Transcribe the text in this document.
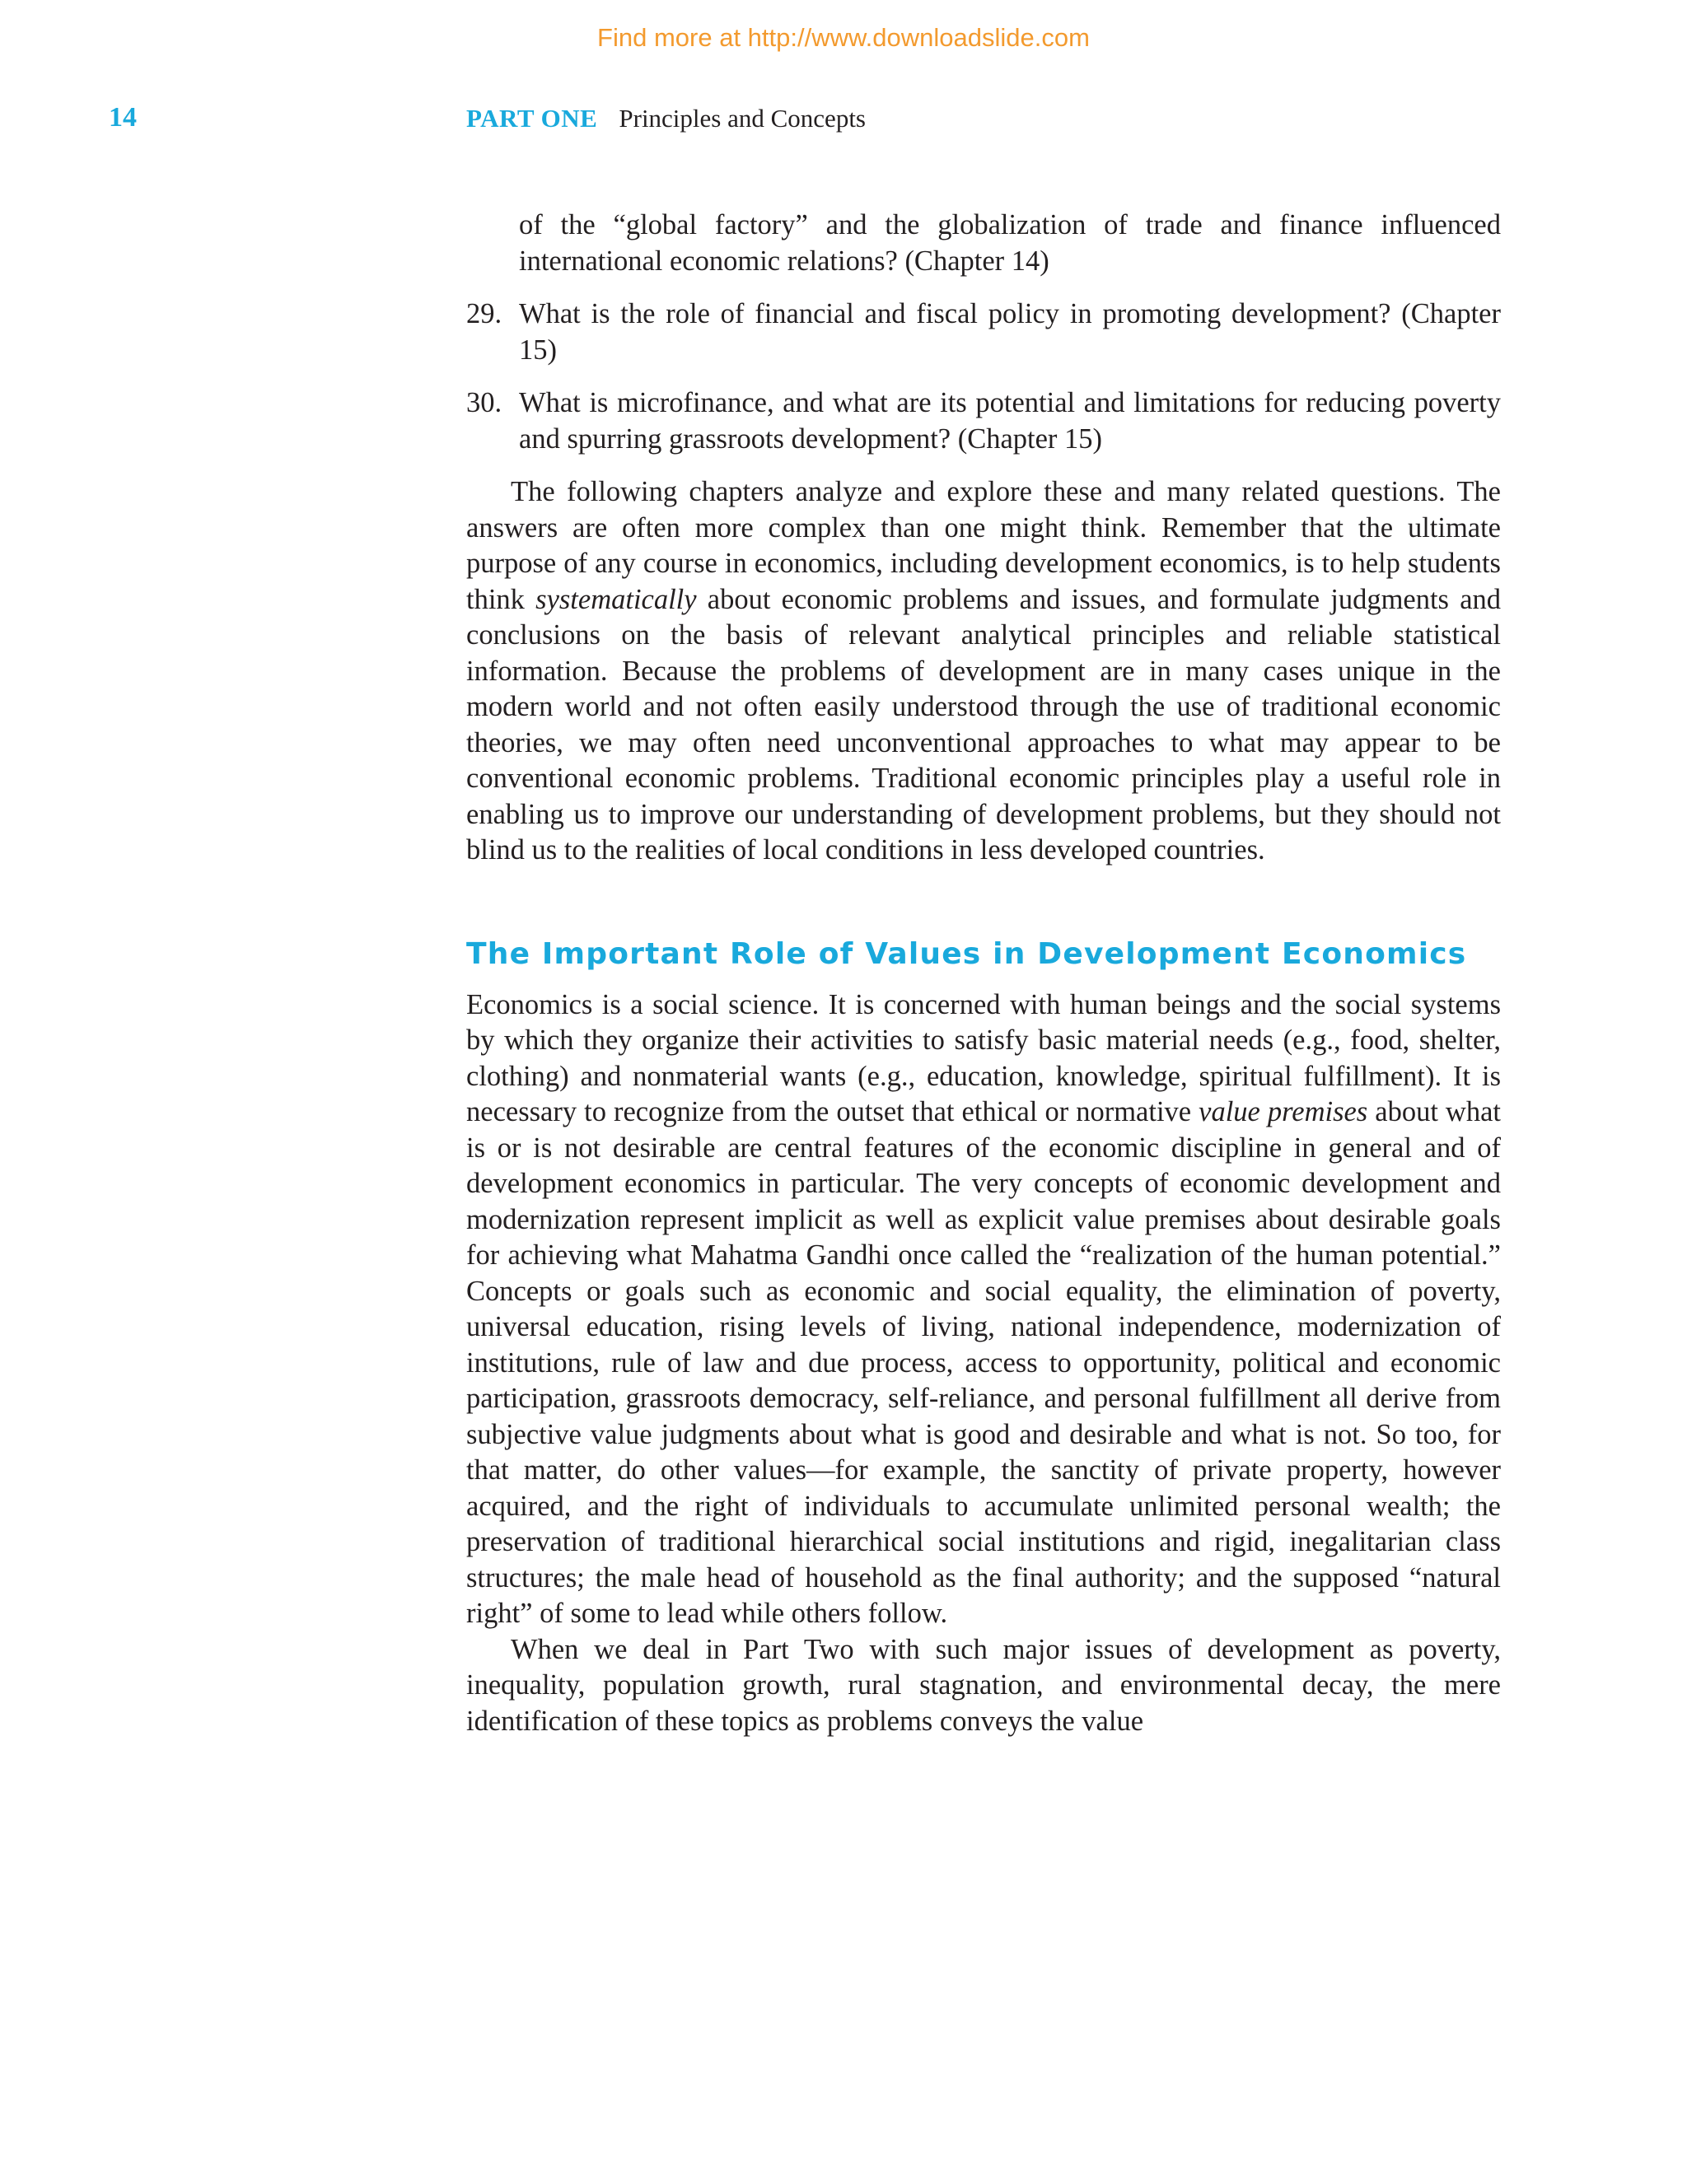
Find more at http://www.downloadslide.com
14	PART ONE Principles and Concepts
of the “global factory” and the globalization of trade and finance influenced international economic relations? (Chapter 14)
29. What is the role of financial and fiscal policy in promoting development? (Chapter 15)
30. What is microfinance, and what are its potential and limitations for reducing poverty and spurring grassroots development? (Chapter 15)

The following chapters analyze and explore these and many related questions. The answers are often more complex than one might think. Remember that the ultimate purpose of any course in economics, including development economics, is to help students think systematically about economic problems and issues, and formulate judgments and conclusions on the basis of relevant analytical principles and reliable statistical information. Because the problems of development are in many cases unique in the modern world and not often easily understood through the use of traditional economic theories, we may often need unconventional approaches to what may appear to be conventional economic problems. Traditional economic principles play a useful role in enabling us to improve our understanding of development problems, but they should not blind us to the realities of local conditions in less developed countries.

The Important Role of Values in Development Economics

Economics is a social science. It is concerned with human beings and the social systems by which they organize their activities to satisfy basic material needs (e.g., food, shelter, clothing) and nonmaterial wants (e.g., education, knowledge, spiritual fulfillment). It is necessary to recognize from the outset that ethical or normative value premises about what is or is not desirable are central features of the economic discipline in general and of development economics in particular. The very concepts of economic development and modernization represent implicit as well as explicit value premises about desirable goals for achieving what Mahatma Gandhi once called the “realization of the human potential.” Concepts or goals such as economic and social equality, the elimination of poverty, universal education, rising levels of living, national independence, modernization of institutions, rule of law and due process, access to opportunity, political and economic participation, grassroots democracy, self-reliance, and personal fulfillment all derive from subjective value judgments about what is good and desirable and what is not. So too, for that matter, do other values—for example, the sanctity of private property, however acquired, and the right of individuals to accumulate unlimited personal wealth; the preservation of traditional hierarchical social institutions and rigid, inegalitarian class structures; the male head of household as the final authority; and the supposed “natural right” of some to lead while others follow.

When we deal in Part Two with such major issues of development as poverty, inequality, population growth, rural stagnation, and environmental decay, the mere identification of these topics as problems conveys the value
